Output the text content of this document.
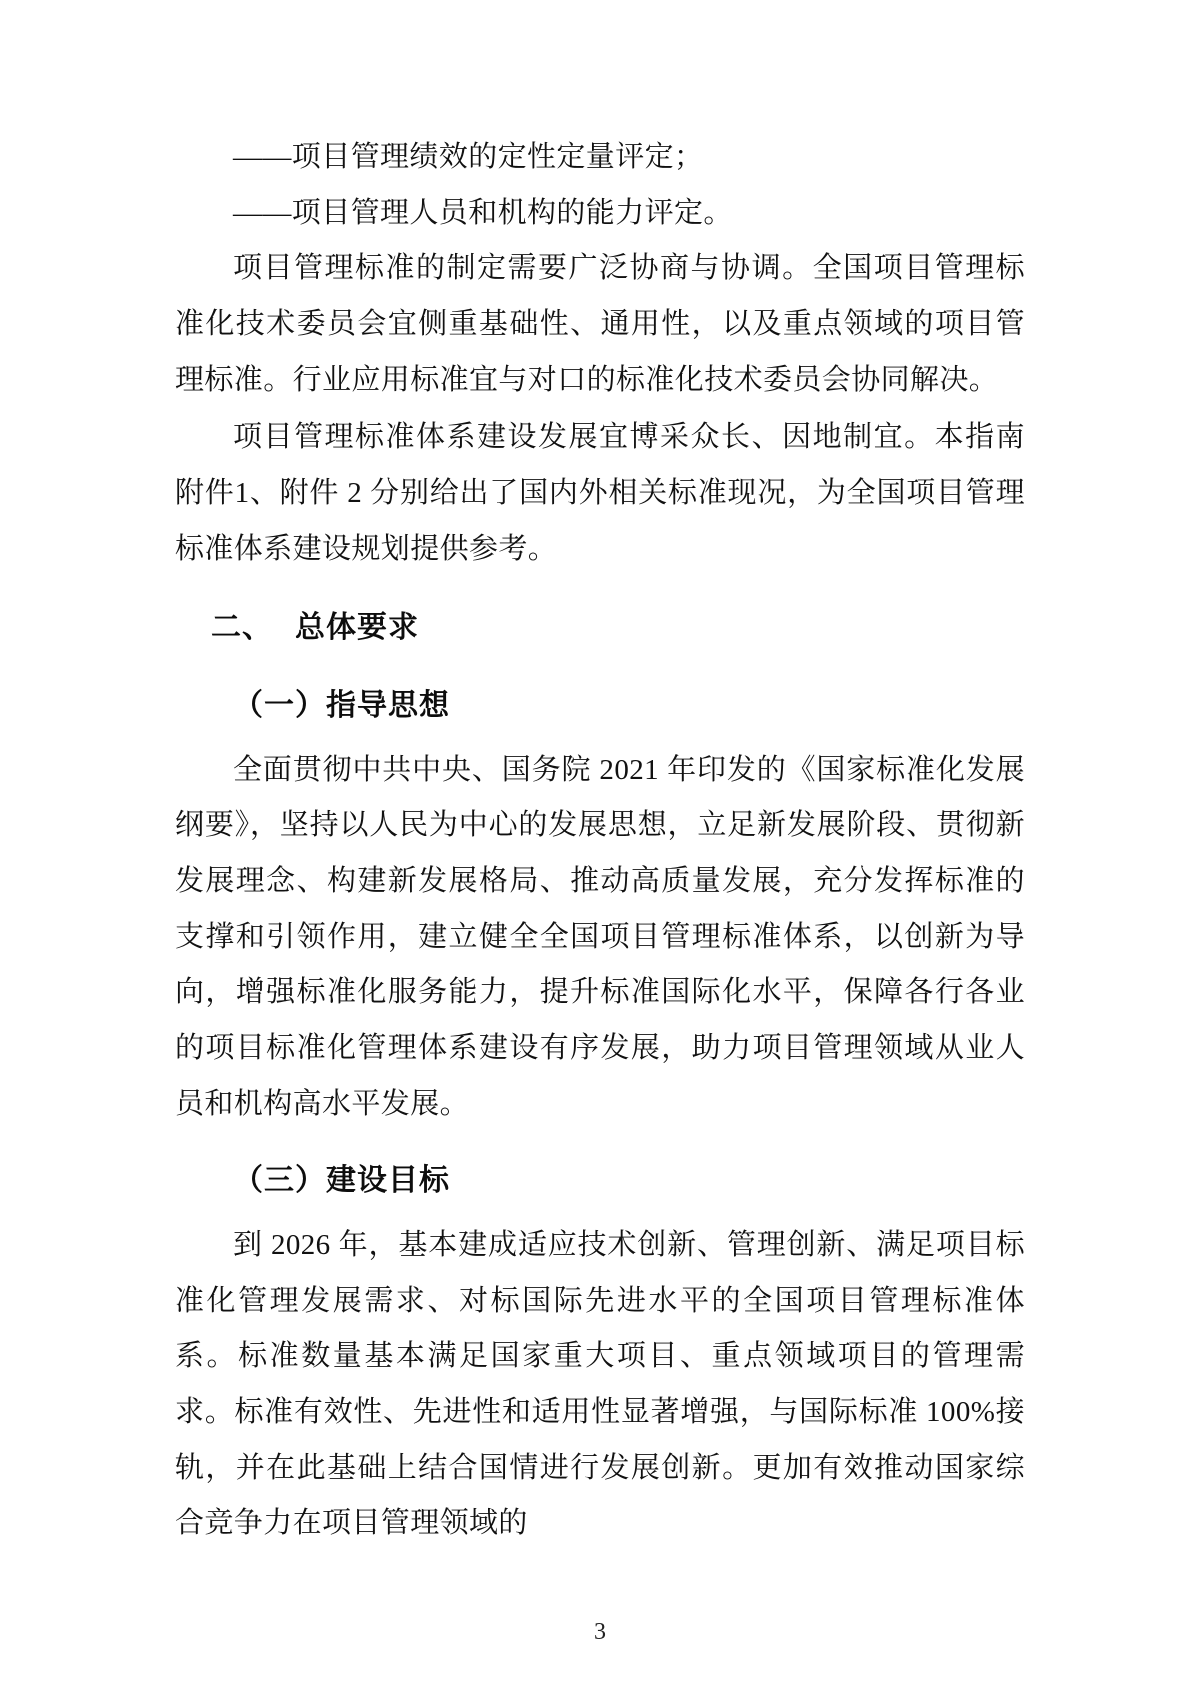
——项目管理绩效的定性定量评定；

——项目管理人员和机构的能力评定。

项目管理标准的制定需要广泛协商与协调。全国项目管理标准化技术委员会宜侧重基础性、通用性，以及重点领域的项目管理标准。行业应用标准宜与对口的标准化技术委员会协同解决。

项目管理标准体系建设发展宜博采众长、因地制宜。本指南附件1、附件 2 分别给出了国内外相关标准现况，为全国项目管理标准体系建设规划提供参考。

二、 总体要求
（一）指导思想

全面贯彻中共中央、国务院 2021 年印发的《国家标准化发展纲要》，坚持以人民为中心的发展思想，立足新发展阶段、贯彻新发展理念、构建新发展格局、推动高质量发展，充分发挥标准的支撑和引领作用，建立健全全国项目管理标准体系，以创新为导向，增强标准化服务能力，提升标准国际化水平，保障各行各业的项目标准化管理体系建设有序发展，助力项目管理领域从业人员和机构高水平发展。

（三）建设目标

到 2026 年，基本建成适应技术创新、管理创新、满足项目标准化管理发展需求、对标国际先进水平的全国项目管理标准体系。标准数量基本满足国家重大项目、重点领域项目的管理需求。标准有效性、先进性和适用性显著增强，与国际标准 100%接轨，并在此基础上结合国情进行发展创新。更加有效推动国家综合竞争力在项目管理领域的

3
